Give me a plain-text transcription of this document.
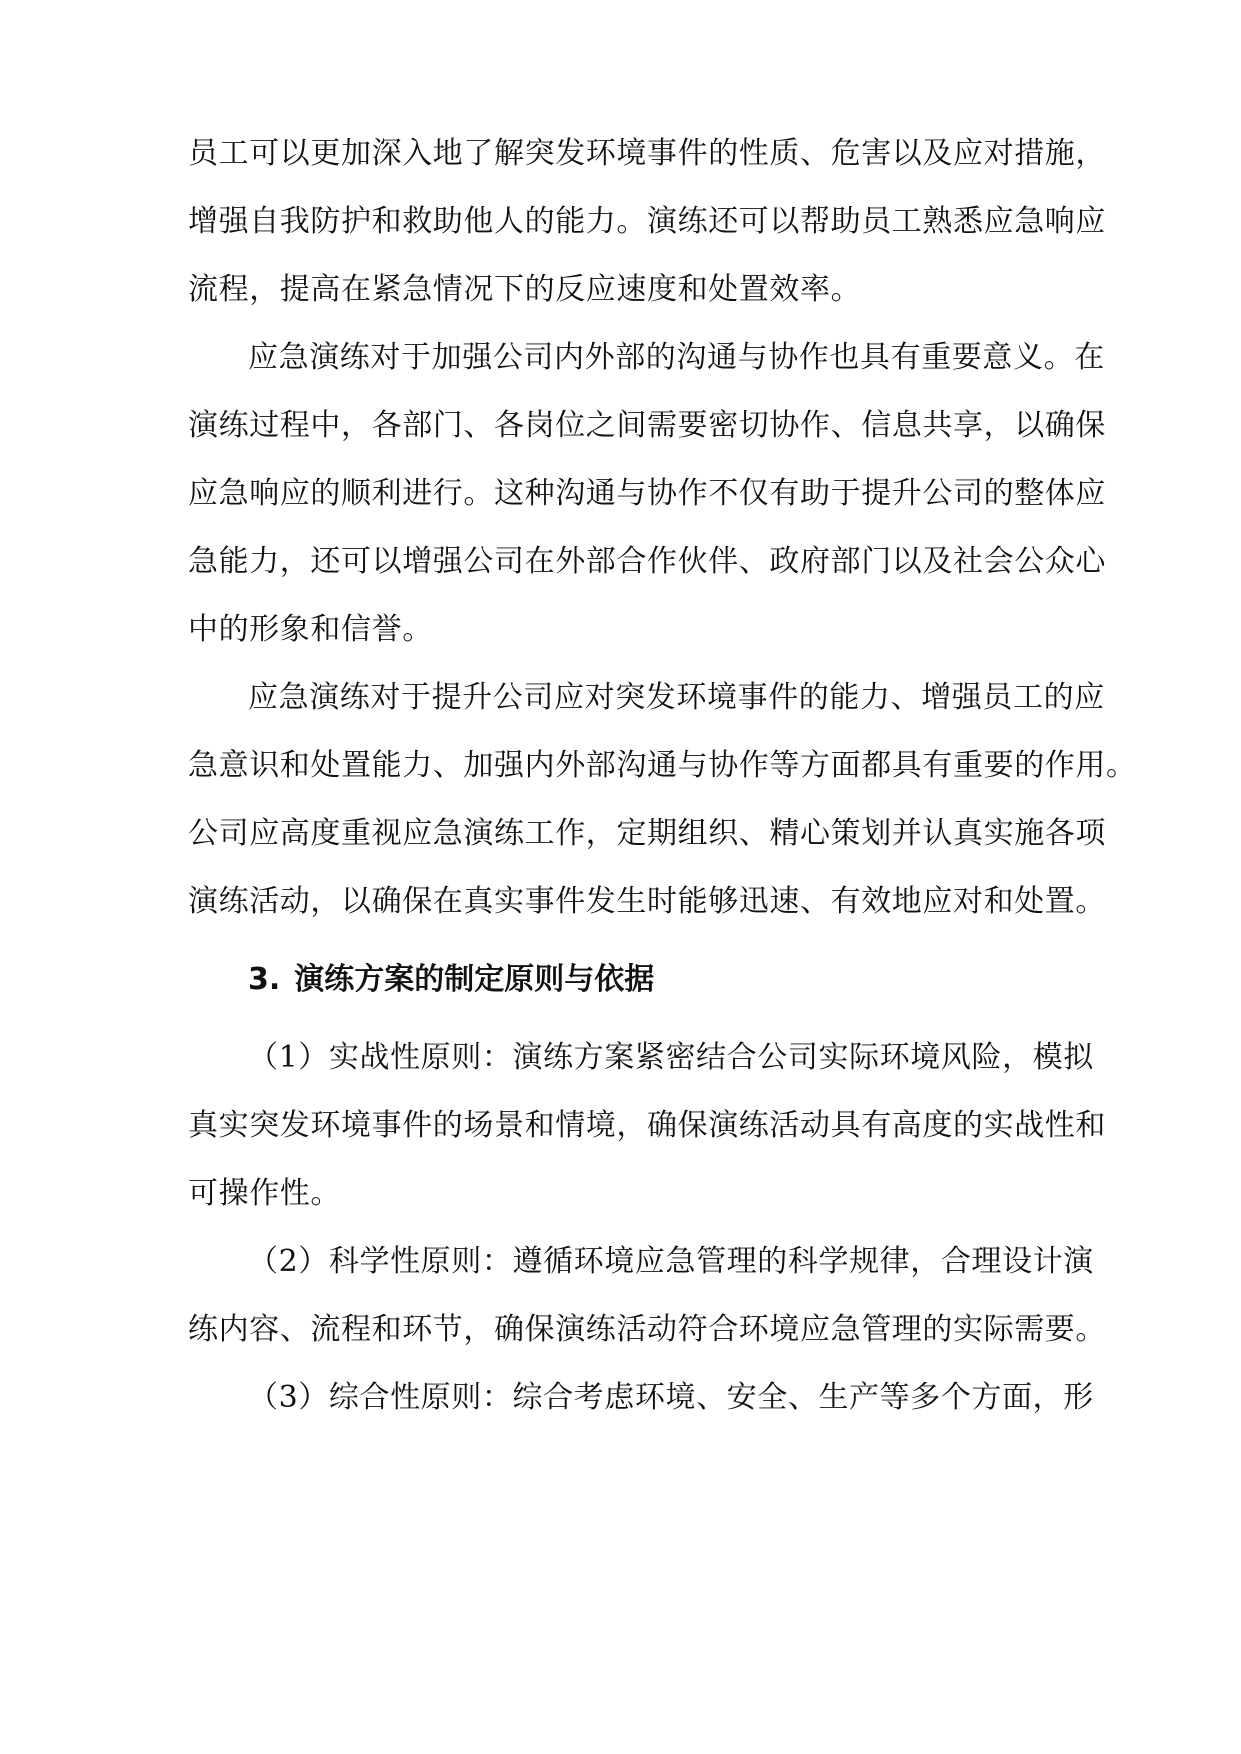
员工可以更加深入地了解突发环境事件的性质、危害以及应对措施，
增强自我防护和救助他人的能力。演练还可以帮助员工熟悉应急响应
流程，提高在紧急情况下的反应速度和处置效率。
应急演练对于加强公司内外部的沟通与协作也具有重要意义。在
演练过程中，各部门、各岗位之间需要密切协作、信息共享，以确保
应急响应的顺利进行。这种沟通与协作不仅有助于提升公司的整体应
急能力，还可以增强公司在外部合作伙伴、政府部门以及社会公众心
中的形象和信誉。
应急演练对于提升公司应对突发环境事件的能力、增强员工的应
急意识和处置能力、加强内外部沟通与协作等方面都具有重要的作用。
公司应高度重视应急演练工作，定期组织、精心策划并认真实施各项
演练活动，以确保在真实事件发生时能够迅速、有效地应对和处置。
3. 演练方案的制定原则与依据
（1）实战性原则：演练方案紧密结合公司实际环境风险，模拟
真实突发环境事件的场景和情境，确保演练活动具有高度的实战性和
可操作性。
（2）科学性原则：遵循环境应急管理的科学规律，合理设计演
练内容、流程和环节，确保演练活动符合环境应急管理的实际需要。
（3）综合性原则：综合考虑环境、安全、生产等多个方面，形
